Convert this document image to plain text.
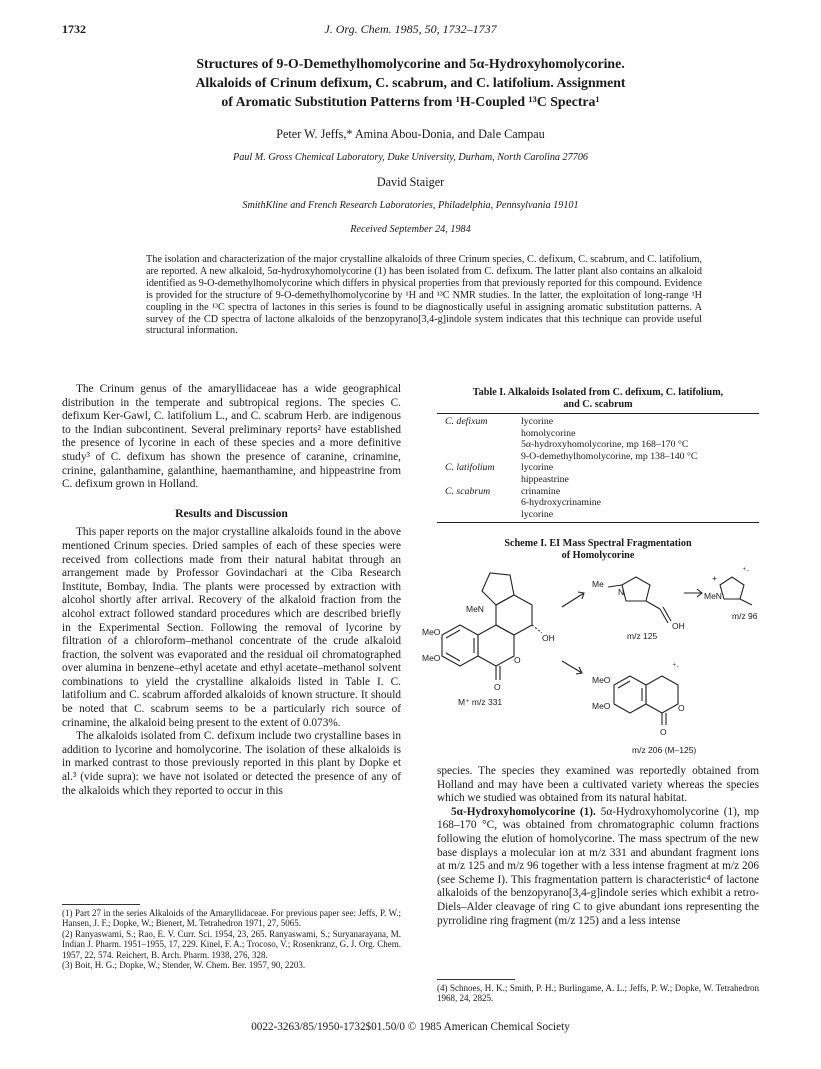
1732	J. Org. Chem. 1985, 50, 1732–1737
Structures of 9-O-Demethylhomolycorine and 5α-Hydroxyhomolycorine.
Alkaloids of Crinum defixum, C. scabrum, and C. latifolium. Assignment
of Aromatic Substitution Patterns from ¹H-Coupled ¹³C Spectra¹
Peter W. Jeffs,* Amina Abou-Donia, and Dale Campau
Paul M. Gross Chemical Laboratory, Duke University, Durham, North Carolina 27706
David Staiger
SmithKline and French Research Laboratories, Philadelphia, Pennsylvania 19101
Received September 24, 1984
The isolation and characterization of the major crystalline alkaloids of three Crinum species, C. defixum, C. scabrum, and C. latifolium, are reported. A new alkaloid, 5α-hydroxyhomolycorine (1) has been isolated from C. defixum. The latter plant also contains an alkaloid identified as 9-O-demethylhomolycorine which differs in physical properties from that previously reported for this compound. Evidence is provided for the structure of 9-O-demethylhomolycorine by ¹H and ¹³C NMR studies. In the latter, the exploitation of long-range ¹H coupling in the ¹³C spectra of lactones in this series is found to be diagnostically useful in assigning aromatic substitution patterns. A survey of the CD spectra of lactone alkaloids of the benzopyrano[3,4-g]indole system indicates that this technique can provide useful structural information.

The Crinum genus of the amaryllidaceae has a wide geographical distribution in the temperate and subtropical regions. The species C. defixum Ker-Gawl, C. latifolium L., and C. scabrum Herb. are indigenous to the Indian subcontinent. Several preliminary reports² have established the presence of lycorine in each of these species and a more definitive study³ of C. defixum has shown the presence of caranine, crinamine, crinine, galanthamine, galanthine, haemanthamine, and hippeastrine from C. defixum grown in Holland.

Results and Discussion

This paper reports on the major crystalline alkaloids found in the above mentioned Crinum species. Dried samples of each of these species were received from collections made from their natural habitat through an arrangement made by Professor Govindachari at the Ciba Research Institute, Bombay, India. The plants were processed by extraction with alcohol shortly after arrival. Recovery of the alkaloid fraction from the alcohol extract followed standard procedures which are described briefly in the Experimental Section. Following the removal of lycorine by filtration of a chloroform–methanol concentrate of the crude alkaloid fraction, the solvent was evaporated and the residual oil chromatographed over alumina in benzene–ethyl acetate and ethyl acetate–methanol solvent combinations to yield the crystalline alkaloids listed in Table I. C. latifolium and C. scabrum afforded alkaloids of known structure. It should be noted that C. scabrum seems to be a particularly rich source of crinamine, the alkaloid being present to the extent of 0.073%.

The alkaloids isolated from C. defixum include two crystalline bases in addition to lycorine and homolycorine. The isolation of these alkaloids is in marked contrast to those previously reported in this plant by Dopke et al.³ (vide supra): we have not isolated or detected the presence of any of the alkaloids which they reported to occur in this

Table I. Alkaloids Isolated from C. defixum, C. latifolium,
and C. scabrum
C. defixum	lycorine
	homolycorine
	5α-hydroxyhomolycorine, mp 168–170 °C
	9-O-demethylhomolycorine, mp 138–140 °C
C. latifolium	lycorine
	hippeastrine
C. scabrum	crinamine
	6-hydroxycrinamine
	lycorine
Scheme I. EI Mass Spectral Fragmentation
of Homolycorine
MeN
MeO
MeO
OH
O
O
M⁺ m/z 331
Me
N
OH
m/z 125
MeN
+
m/z 96
⁺·
⁺·
MeO
MeO	O
O
m/z 206 (M–125)

species. The species they examined was reportedly obtained from Holland and may have been a cultivated variety whereas the species which we studied was obtained from its natural habitat.

5α-Hydroxyhomolycorine (1). 5α-Hydroxyhomolycorine (1), mp 168–170 °C, was obtained from chromatographic column fractions following the elution of homolycorine. The mass spectrum of the new base displays a molecular ion at m/z 331 and abundant fragment ions at m/z 125 and m/z 96 together with a less intense fragment at m/z 206 (see Scheme I). This fragmentation pattern is characteristic⁴ of lactone alkaloids of the benzopyrano[3,4-g]indole series which exhibit a retro-Diels–Alder cleavage of ring C to give abundant ions representing the pyrrolidine ring fragment (m/z 125) and a less intense

(1) Part 27 in the series Alkaloids of the Amaryllidaceae. For previous paper see: Jeffs, P. W.; Hansen, J. F.; Dopke, W.; Bienert, M. Tetrahedron 1971, 27, 5065.

(2) Ranyaswami, S.; Rao, E. V. Curr. Sci. 1954, 23, 265. Ranyaswami, S.; Suryanarayana, M. Indian J. Pharm. 1951–1955, 17, 229. Kinel, F. A.; Trocoso, V.; Rosenkranz, G. J. Org. Chem. 1957, 22, 574. Reichert, B. Arch. Pharm. 1938, 276, 328.

(3) Boit, H. G.; Dopke, W.; Stender, W. Chem. Ber. 1957, 90, 2203.

(4) Schnoes, H. K.; Smith, P. H.; Burlingame, A. L.; Jeffs, P. W.; Dopke, W. Tetrahedron 1968, 24, 2825.

0022-3263/85/1950-1732$01.50/0 © 1985 American Chemical Society
